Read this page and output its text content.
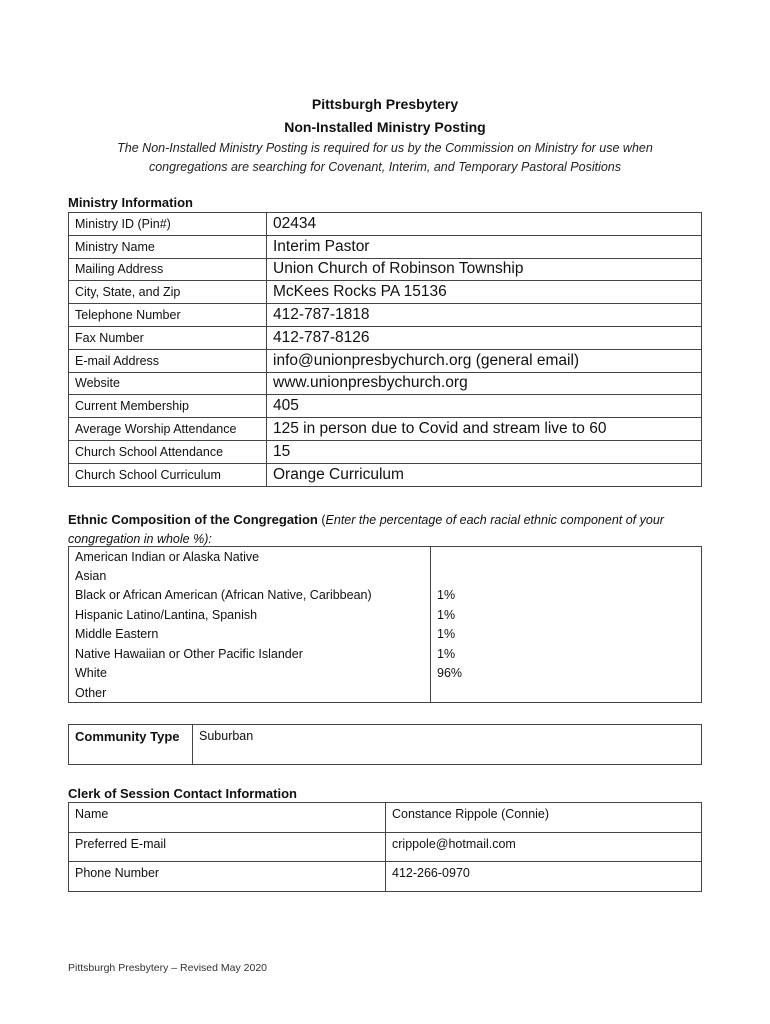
Pittsburgh Presbytery
Non-Installed Ministry Posting
The Non-Installed Ministry Posting is required for us by the Commission on Ministry for use when
congregations are searching for Covenant, Interim, and Temporary Pastoral Positions
Ministry Information
Ministry ID (Pin#)	02434
Ministry Name	Interim Pastor
Mailing Address	Union Church of Robinson Township
City, State, and Zip	McKees Rocks PA 15136
Telephone Number	412-787-1818
Fax Number	412-787-8126
E-mail Address	info@unionpresbychurch.org (general email)
Website	www.unionpresbychurch.org
Current Membership	405
Average Worship Attendance	125 in person due to Covid and stream live to 60
Church School Attendance	15
Church School Curriculum	Orange Curriculum
Ethnic Composition of the Congregation (Enter the percentage of each racial ethnic component of your
congregation in whole %):
American Indian or Alaska Native	
Asian	
Black or African American (African Native, Caribbean)	1%
Hispanic Latino/Lantina, Spanish	1%
Middle Eastern	1%
Native Hawaiian or Other Pacific Islander	1%
White	96%
Other	
Community Type	Suburban
Clerk of Session Contact Information
Name	Constance Rippole (Connie)
Preferred E-mail	crippole@hotmail.com
Phone Number	412-266-0970
Pittsburgh Presbytery – Revised May 2020
